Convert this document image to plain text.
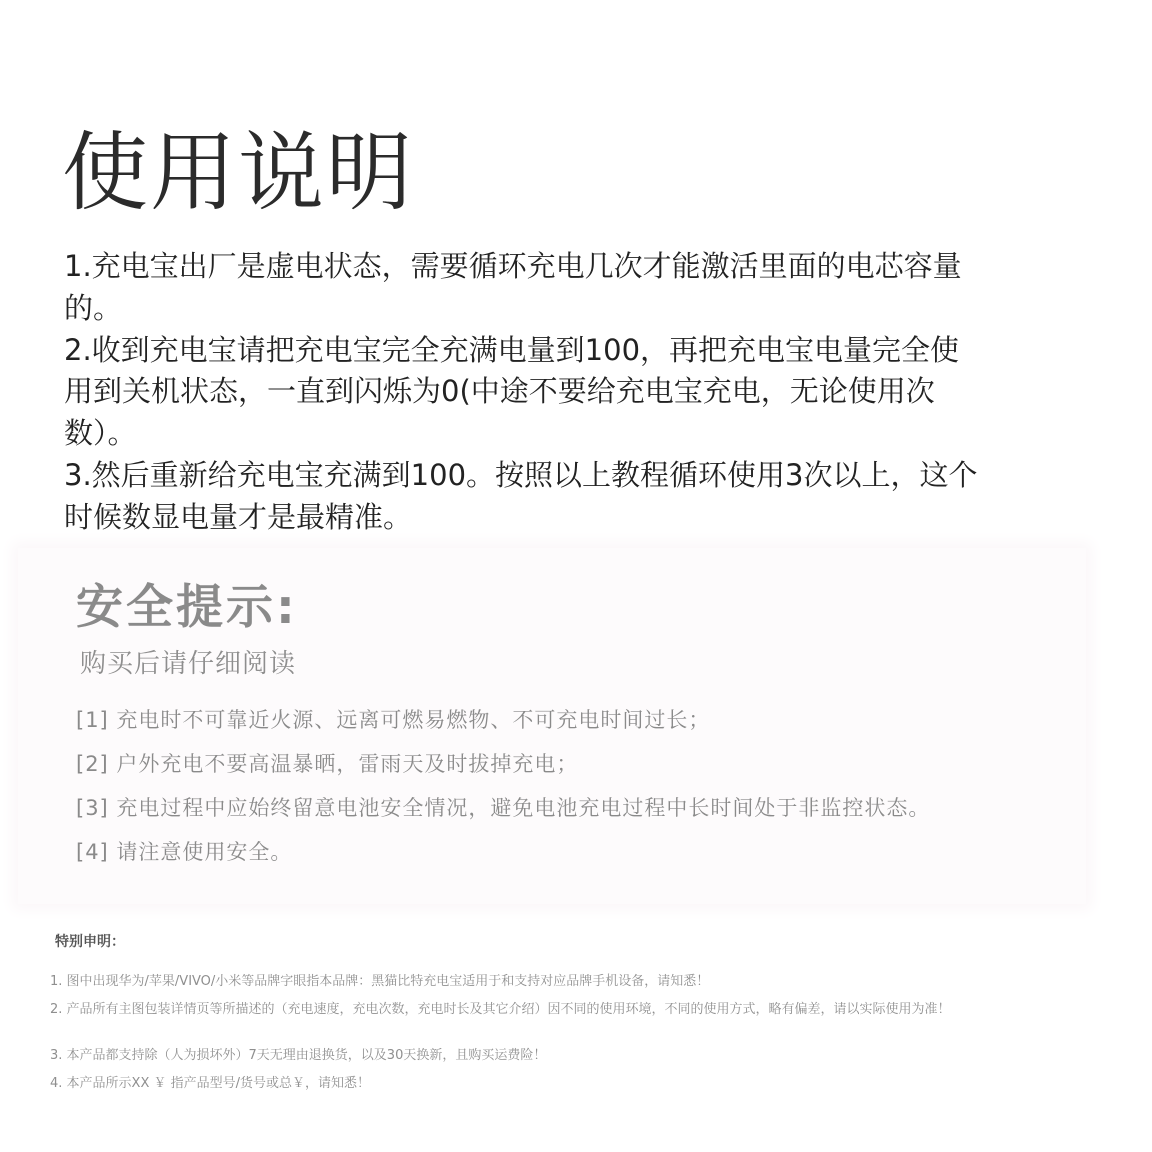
使用说明

1.充电宝出厂是虚电状态，需要循环充电几次才能激活里面的电芯容量的。

2.收到充电宝请把充电宝完全充满电量到100，再把充电宝电量完全使用到关机状态，一直到闪烁为0(中途不要给充电宝充电，无论使用次数）。

3.然后重新给充电宝充满到100。按照以上教程循环使用3次以上，这个时候数显电量才是最精准。

安全提示:
购买后请仔细阅读
[1] 充电时不可靠近火源、远离可燃易燃物、不可充电时间过长；
[2] 户外充电不要高温暴晒，雷雨天及时拔掉充电；
[3] 充电过程中应始终留意电池安全情况，避免电池充电过程中长时间处于非监控状态。
[4] 请注意使用安全。
特别申明：

1. 图中出现华为/苹果/VIVO/小米等品牌字眼指本品牌：黑猫比特充电宝适用于和支持对应品牌手机设备，请知悉！

2. 产品所有主图包装详情页等所描述的（充电速度，充电次数，充电时长及其它介绍）因不同的使用环境，不同的使用方式，略有偏差，请以实际使用为准！

3. 本产品都支持除（人为损坏外）7天无理由退换货，以及30天换新，且购买运费险！

4. 本产品所示XX ￥ 指产品型号/货号或总￥，请知悉！
